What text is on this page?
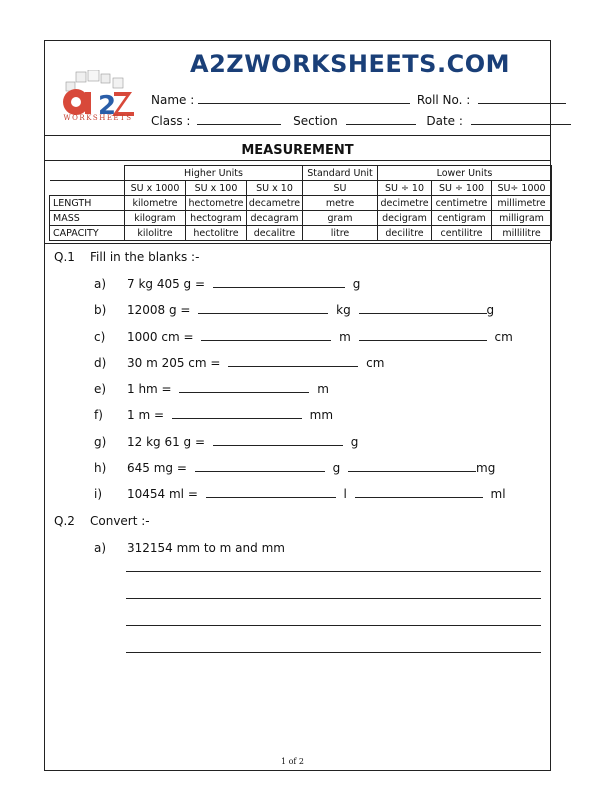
2
WORKSHEETS
A2ZWORKSHEETS.COM
Name :	Roll No. :
Class :	Section	Date :
MEASUREMENT
	Higher Units			Standard Unit	Lower Units		
	SU x 1000	SU x 100	SU x 10	SU	SU ÷ 10	SU ÷ 100	SU÷ 1000
LENGTH	kilometre	hectometre	decametre	metre	decimetre	centimetre	millimetre
MASS	kilogram	hectogram	decagram	gram	decigram	centigram	milligram
CAPACITY	kilolitre	hectolitre	decalitre	litre	decilitre	centilitre	millilitre
Q.1 Fill in the blanks :-
a) 7 kg 405 g =	g
b) 12008 g =	kg	g
c) 1000 cm =	m	cm
d) 30 m 205 cm =	cm
e) 1 hm =	m
f) 1 m =	mm
g) 12 kg 61 g =	g
h) 645 mg =	g	mg
i) 10454 ml =	l	ml
Q.2 Convert :-
a) 312154 mm to m and mm
1 of 2
